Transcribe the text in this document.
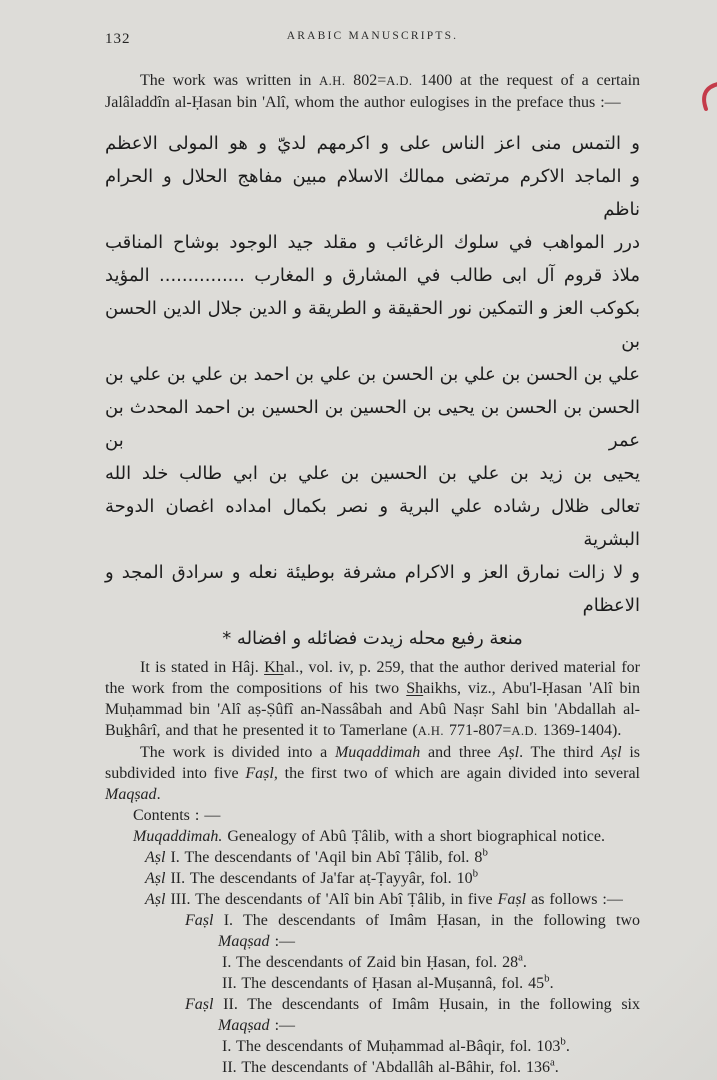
132	ARABIC MANUSCRIPTS.

The work was written in A.H. 802=A.D. 1400 at the request of a certain Jalâladdîn al-Ḥasan bin 'Alî, whom the author eulogises in the preface thus :—

و التمس منى اعز الناس على و اكرمهم لديّ و هو المولى الاعظم
و الماجد الاكرم مرتضى ممالك الاسلام مبين مفاهج الحلال و الحرام ناظم
درر المواهب في سلوك الرغائب و مقلد جيد الوجود بوشاح المناقب
ملاذ قروم آل ابى طالب في المشارق و المغارب ............... المؤيد
بكوكب العز و التمكين نور الحقيقة و الطريقة و الدين جلال الدين الحسن بن
علي بن الحسن بن علي بن الحسن بن علي بن احمد بن علي بن علي بن
الحسن بن الحسن بن يحيى بن الحسين بن الحسين بن احمد المحدث بن عمر بن
يحيى بن زيد بن علي بن الحسين بن علي بن ابي طالب خلد الله
تعالى ظلال رشاده علي البرية و نصر بكمال امداده اغصان الدوحة البشرية
و لا زالت نمارق العز و الاكرام مشرفة بوطيئة نعله و سرادق المجد و الاعظام
منعة رفيع محله زيدت فضائله و افضاله *

It is stated in Hâj. Khal., vol. iv, p. 259, that the author derived material for the work from the compositions of his two Shaikhs, viz., Abu'l-Ḥasan 'Alî bin Muḥammad bin 'Alî aṣ-Ṣûfî an-Nassâbah and Abû Naṣr Sahl bin 'Abdallah al-Buḵhârî, and that he presented it to Tamerlane (A.H. 771-807=A.D. 1369-1404).

The work is divided into a Muqaddimah and three Aṣl. The third Aṣl is subdivided into five Faṣl, the first two of which are again divided into several Maqṣad.

Contents : —

Muqaddimah. Genealogy of Abû Ṭâlib, with a short biographical notice.

Aṣl I. The descendants of 'Aqil bin Abî Ṭâlib, fol. 8$^b$

Aṣl II. The descendants of Ja'far aṭ-Ṭayyâr, fol. 10$^b$

Aṣl III. The descendants of 'Alî bin Abî Ṭâlib, in five Faṣl as follows :—

Faṣl I. The descendants of Imâm Ḥasan, in the following two Maqṣad :—

I. The descendants of Zaid bin Ḥasan, fol. 28$^a$.

II. The descendants of Ḥasan al-Muṣannâ, fol. 45$^b$.

Faṣl II. The descendants of Imâm Ḥusain, in the following six Maqṣad :—

I. The descendants of Muḥammad al-Bâqir, fol. 103$^b$.

II. The descendants of 'Abdallâh al-Bâhir, fol. 136$^a$.
